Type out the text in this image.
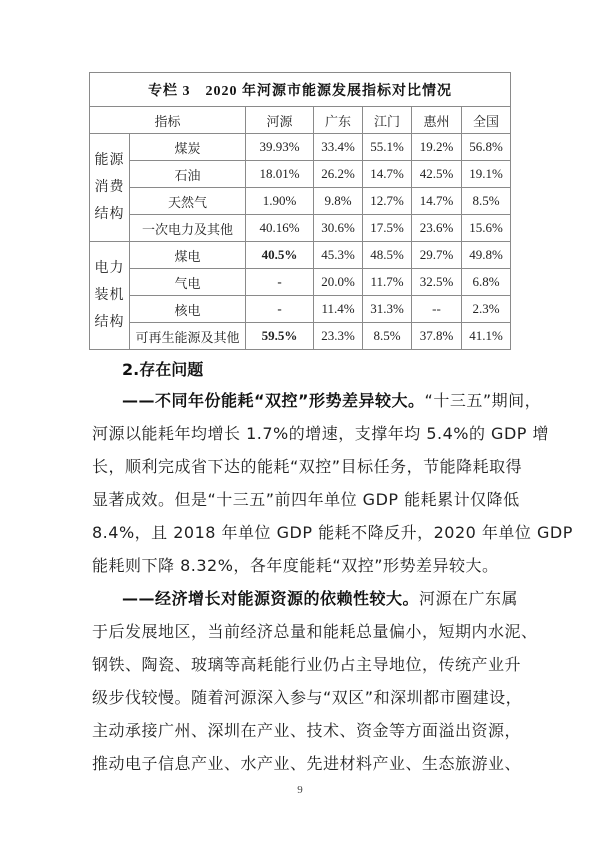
专栏 3　2020 年河源市能源发展指标对比情况						
指标		河源	广东	江门	惠州	全国

能源
消费
结构	煤炭	39.93%	33.4%	55.1%	19.2%	56.8%
	石油	18.01%	26.2%	14.7%	42.5%	19.1%
	天然气	1.90%	9.8%	12.7%	14.7%	8.5%
	一次电力及其他	40.16%	30.6%	17.5%	23.6%	15.6%

电力
装机
结构	煤电	40.5%	45.3%	48.5%	29.7%	49.8%
	气电	-	20.0%	11.7%	32.5%	6.8%
	核电	-	11.4%	31.3%	--	2.3%
	可再生能源及其他	59.5%	23.3%	8.5%	37.8%	41.1%
2.存在问题
——不同年份能耗“双控”形势差异较大。“十三五”期间，
河源以能耗年均增长 1.7%的增速，支撑年均 5.4%的 GDP 增
长，顺利完成省下达的能耗“双控”目标任务，节能降耗取得
显著成效。但是“十三五”前四年单位 GDP 能耗累计仅降低
8.4%，且 2018 年单位 GDP 能耗不降反升，2020 年单位 GDP
能耗则下降 8.32%，各年度能耗“双控”形势差异较大。
——经济增长对能源资源的依赖性较大。河源在广东属
于后发展地区，当前经济总量和能耗总量偏小，短期内水泥、
钢铁、陶瓷、玻璃等高耗能行业仍占主导地位，传统产业升
级步伐较慢。随着河源深入参与“双区”和深圳都市圈建设，
主动承接广州、深圳在产业、技术、资金等方面溢出资源，
推动电子信息产业、水产业、先进材料产业、生态旅游业、
9
